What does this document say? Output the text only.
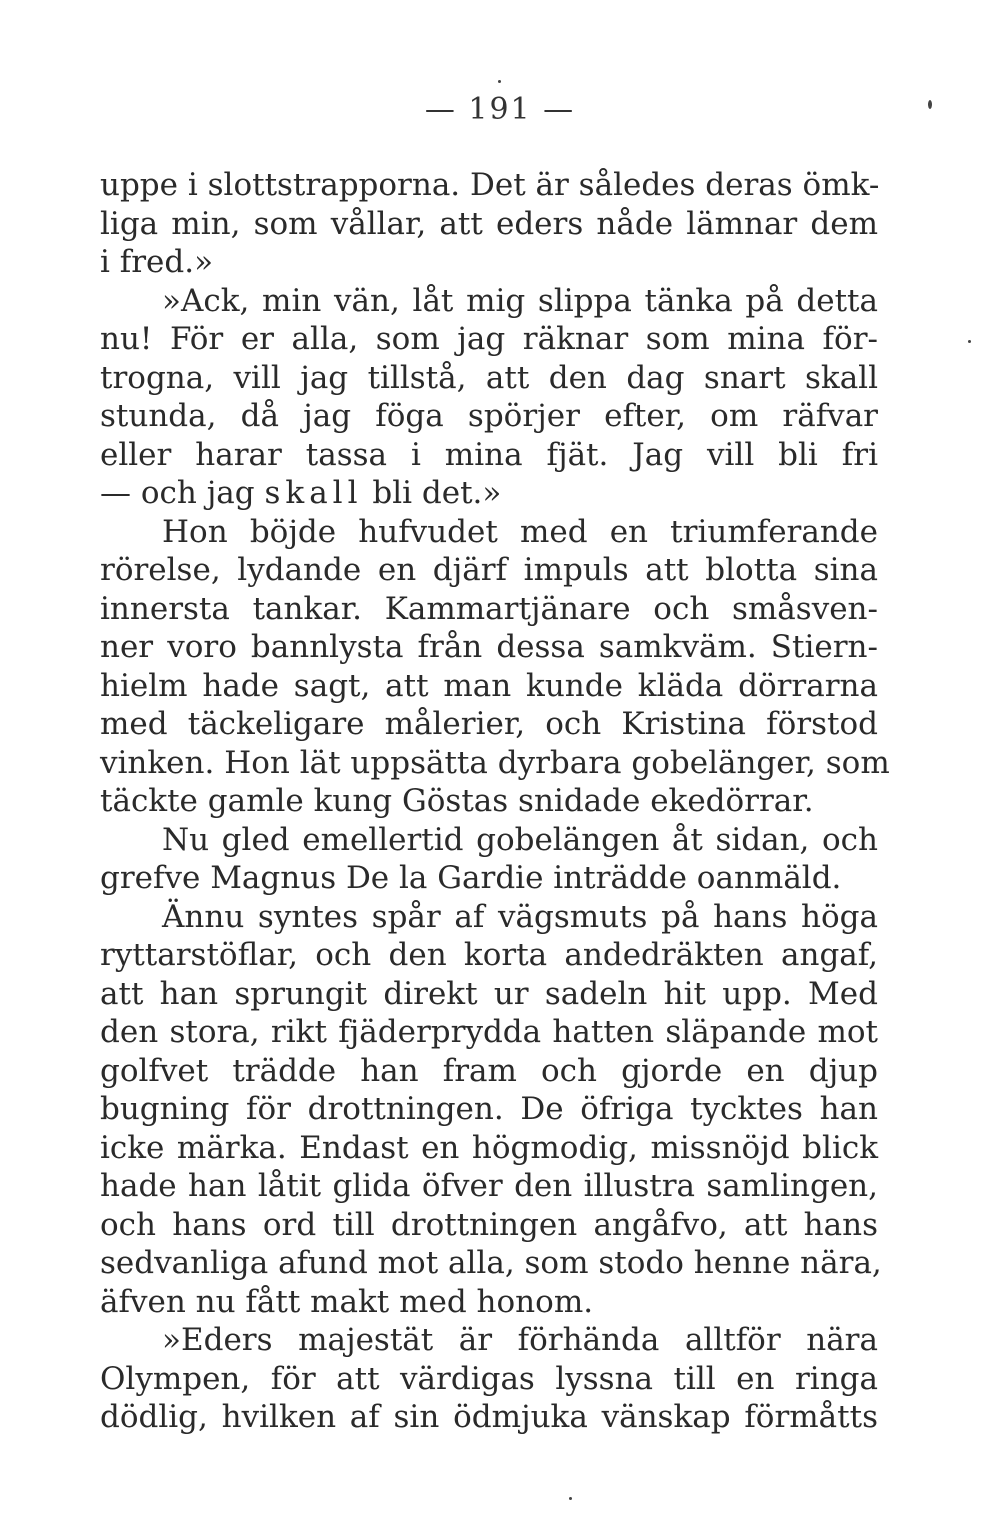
— 191 —
uppe i slottstrapporna. Det är således deras ömk-
liga min, som vållar, att eders nåde lämnar dem
i fred.»
»Ack, min vän, låt mig slippa tänka på detta
nu! För er alla, som jag räknar som mina för-
trogna, vill jag tillstå, att den dag snart skall
stunda, då jag föga spörjer efter, om räfvar
eller harar tassa i mina fjät. Jag vill bli fri
— och jag skall bli det.»
Hon böjde hufvudet med en triumferande
rörelse, lydande en djärf impuls att blotta sina
innersta tankar. Kammartjänare och småsven-
ner voro bannlysta från dessa samkväm. Stiern-
hielm hade sagt, att man kunde kläda dörrarna
med täckeligare målerier, och Kristina förstod
vinken. Hon lät uppsätta dyrbara gobelänger, som
täckte gamle kung Göstas snidade ekedörrar.
Nu gled emellertid gobelängen åt sidan, och
grefve Magnus De la Gardie inträdde oanmäld.
Ännu syntes spår af vägsmuts på hans höga
ryttarstöflar, och den korta andedräkten angaf,
att han sprungit direkt ur sadeln hit upp. Med
den stora, rikt fjäderprydda hatten släpande mot
golfvet trädde han fram och gjorde en djup
bugning för drottningen. De öfriga tycktes han
icke märka. Endast en högmodig, missnöjd blick
hade han låtit glida öfver den illustra samlingen,
och hans ord till drottningen angåfvo, att hans
sedvanliga afund mot alla, som stodo henne nära,
äfven nu fått makt med honom.
»Eders majestät är förhända alltför nära
Olympen, för att värdigas lyssna till en ringa
dödlig, hvilken af sin ödmjuka vänskap förmåtts
